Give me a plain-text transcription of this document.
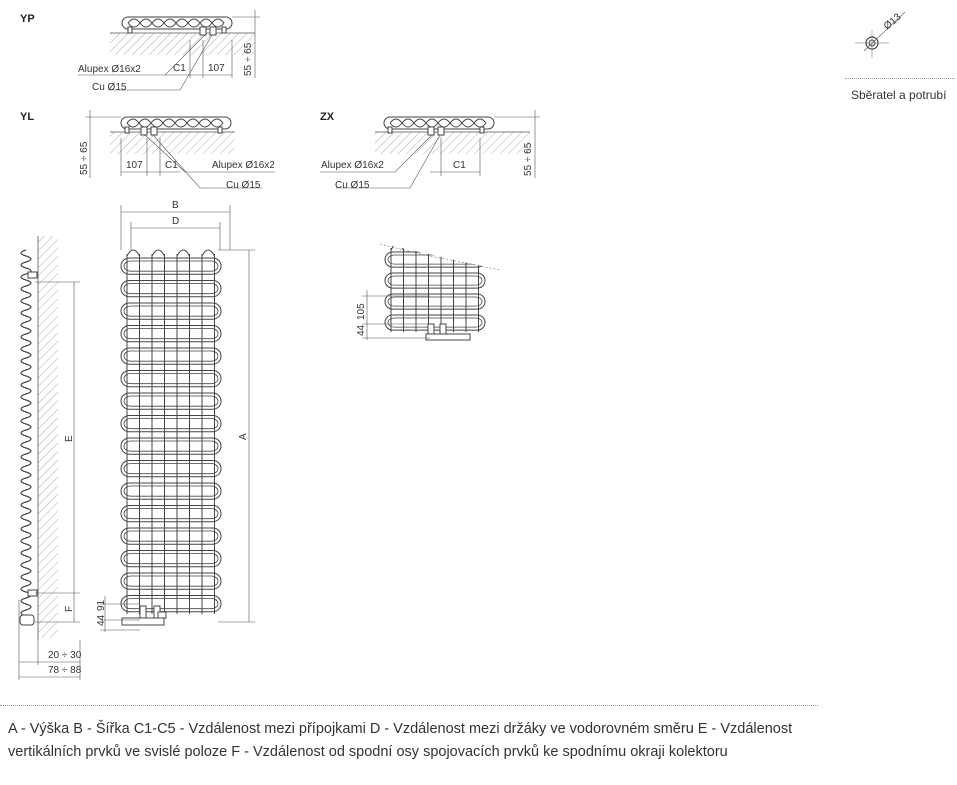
YP
55 ÷ 65
C1 107
Alupex Ø16x2
Cu Ø15
YL
55 ÷ 65	107 C1	Alupex Ø16x2
Cu Ø15
ZX
55 ÷ 65
C1
Alupex Ø16x2
Cu Ø15
Ø13
E
F
20 ÷ 30
78 ÷ 88
B
D
A
44
91
105
44
Sběratel a potrubí
A - Výška B - Šířka C1-C5 - Vzdálenost mezi přípojkami D - Vzdálenost mezi držáky ve vodorovném směru E - Vzdálenost vertikálních prvků ve svislé poloze F - Vzdálenost od spodní osy spojovacích prvků ke spodnímu okraji kolektoru
